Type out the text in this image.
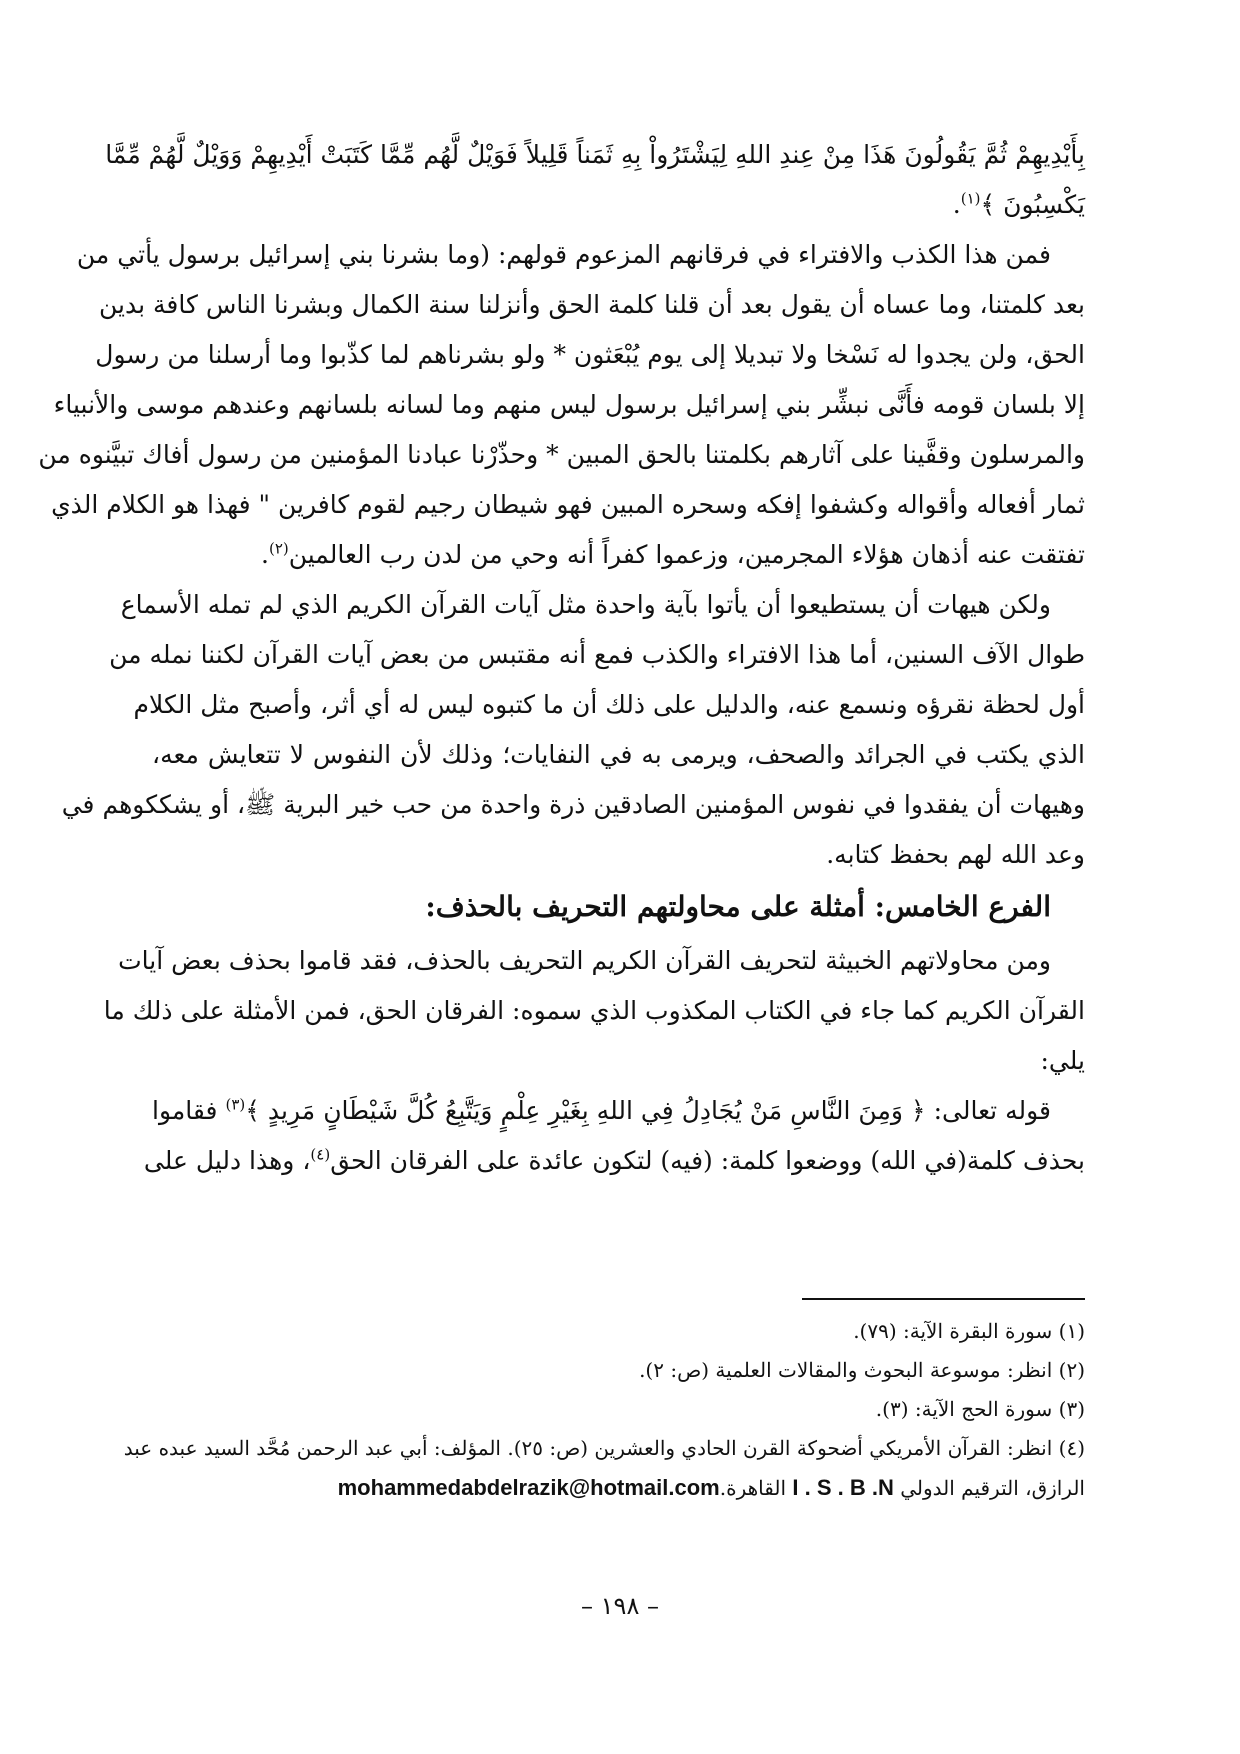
بِأَيْدِيهِمْ ثُمَّ يَقُولُونَ هَذَا مِنْ عِندِ اللهِ لِيَشْتَرُواْ بِهِ ثَمَناً قَلِيلاً فَوَيْلٌ لَّهُم مِّمَّا كَتَبَتْ أَيْدِيهِمْ وَوَيْلٌ لَّهُمْ مِّمَّا
يَكْسِبُونَ ﴾$^{(١)}$.
فمن هذا الكذب والافتراء في فرقانهم المزعوم قولهم: (وما بشرنا بني إسرائيل برسول يأتي من
بعد كلمتنا، وما عساه أن يقول بعد أن قلنا كلمة الحق وأنزلنا سنة الكمال وبشرنا الناس كافة بدين
الحق، ولن يجدوا له نَسْخا ولا تبديلا إلى يوم يُبْعَثون * ولو بشرناهم لما كذّبوا وما أرسلنا من رسول
إلا بلسان قومه فأَنَّى نبشِّر بني إسرائيل برسول ليس منهم وما لسانه بلسانهم وعندهم موسى والأنبياء
والمرسلون وقفَّينا على آثارهم بكلمتنا بالحق المبين * وحذّرْنا عبادنا المؤمنين من رسول أفاك تبيَّنوه من
ثمار أفعاله وأقواله وكشفوا إفكه وسحره المبين فهو شيطان رجيم لقوم كافرين " فهذا هو الكلام الذي
تفتقت عنه أذهان هؤلاء المجرمين، وزعموا كفراً أنه وحي من لدن رب العالمين$^{(٢)}$.
ولكن هيهات أن يستطيعوا أن يأتوا بآية واحدة مثل آيات القرآن الكريم الذي لم تمله الأسماع
طوال الآف السنين، أما هذا الافتراء والكذب فمع أنه مقتبس من بعض آيات القرآن لكننا نمله من
أول لحظة نقرؤه ونسمع عنه، والدليل على ذلك أن ما كتبوه ليس له أي أثر، وأصبح مثل الكلام
الذي يكتب في الجرائد والصحف، ويرمى به في النفايات؛ وذلك لأن النفوس لا تتعايش معه،
وهيهات أن يفقدوا في نفوس المؤمنين الصادقين ذرة واحدة من حب خير البرية ﷺ، أو يشككوهم في
وعد الله لهم بحفظ كتابه.
الفرع الخامس: أمثلة على محاولتهم التحريف بالحذف:
ومن محاولاتهم الخبيثة لتحريف القرآن الكريم التحريف بالحذف، فقد قاموا بحذف بعض آيات
القرآن الكريم كما جاء في الكتاب المكذوب الذي سموه: الفرقان الحق، فمن الأمثلة على ذلك ما
يلي:
قوله تعالى: ﴿ وَمِنَ النَّاسِ مَنْ يُجَادِلُ فِي اللهِ بِغَيْرِ عِلْمٍ وَيَتَّبِعُ كُلَّ شَيْطَانٍ مَرِيدٍ ﴾$^{(٣)}$ فقاموا
بحذف كلمة(في الله) ووضعوا كلمة: (فيه) لتكون عائدة على الفرقان الحق$^{(٤)}$، وهذا دليل على
(١) سورة البقرة الآية: (٧٩).
(٢) انظر: موسوعة البحوث والمقالات العلمية (ص: ٢).
(٣) سورة الحج الآية: (٣).
(٤) انظر: القرآن الأمريكي أضحوكة القرن الحادي والعشرين (ص: ٢٥). المؤلف: أبي عبد الرحمن مُحَّد السيد عبده عبد
الرازق، الترقيم الدولي I . S . B .N القاهرة.mohammedabdelrazik@hotmail.com
– ١٩٨ –
